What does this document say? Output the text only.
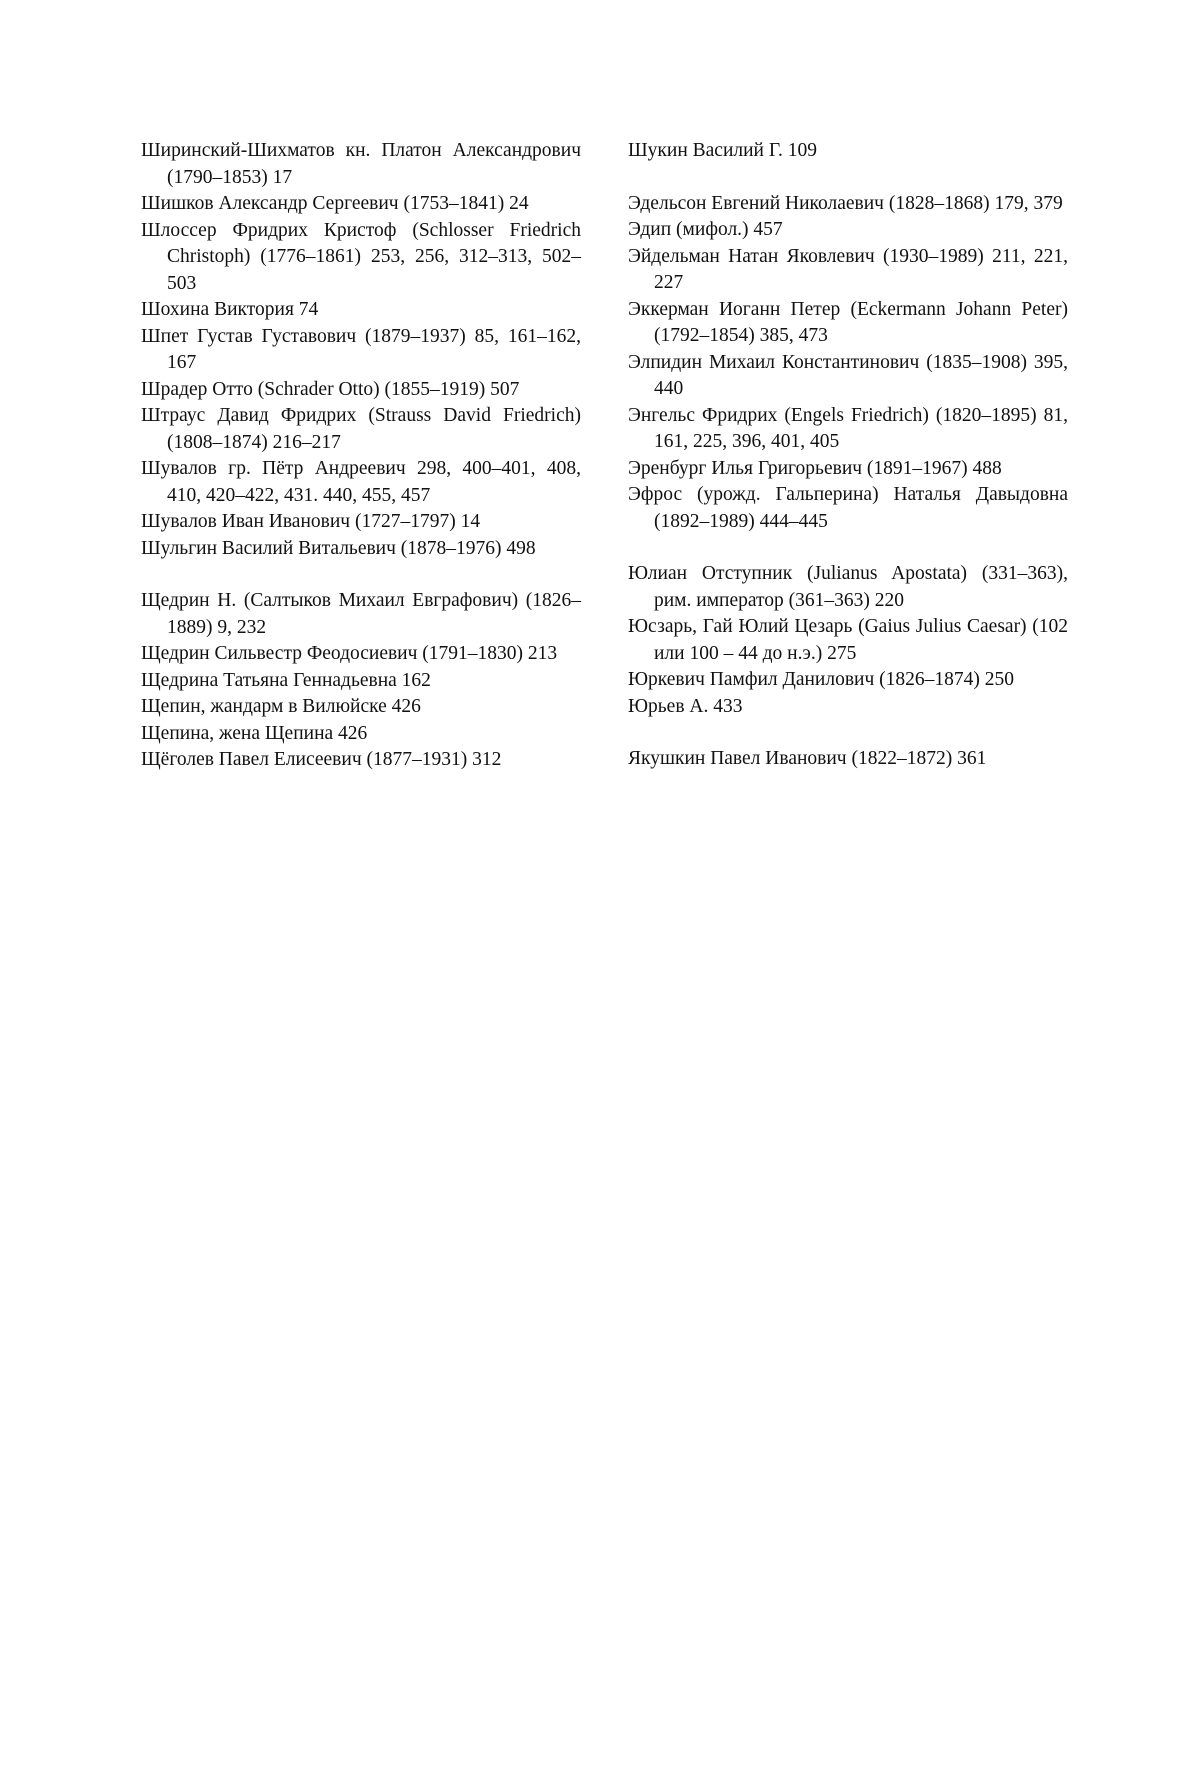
Ширинский-Шихматов кн. Платон Александрович (1790–1853) 17

Шишков Александр Сергеевич (1753–1841) 24

Шлоссер Фридрих Кристоф (Schlosser Friedrich Christoph) (1776–1861) 253, 256, 312–313, 502–503

Шохина Виктория 74

Шпет Густав Густавович (1879–1937) 85, 161–162, 167

Шрадер Отто (Schrader Otto) (1855–1919) 507

Штраус Давид Фридрих (Strauss David Friedrich) (1808–1874) 216–217

Шувалов гр. Пётр Андреевич 298, 400–401, 408, 410, 420–422, 431. 440, 455, 457

Шувалов Иван Иванович (1727–1797) 14

Шульгин Василий Витальевич (1878–1976) 498

Щедрин Н. (Салтыков Михаил Евграфович) (1826–1889) 9, 232

Щедрин Сильвестр Феодосиевич (1791–1830) 213

Щедрина Татьяна Геннадьевна 162

Щепин, жандарм в Вилюйске 426

Щепина, жена Щепина 426

Щёголев Павел Елисеевич (1877–1931) 312

Шукин Василий Г. 109

Эдельсон Евгений Николаевич (1828–1868) 179, 379

Эдип (мифол.) 457

Эйдельман Натан Яковлевич (1930–1989) 211, 221, 227

Эккерман Иоганн Петер (Eckermann Johann Peter) (1792–1854) 385, 473

Элпидин Михаил Константинович (1835–1908) 395, 440

Энгельс Фридрих (Engels Friedrich) (1820–1895) 81, 161, 225, 396, 401, 405

Эренбург Илья Григорьевич (1891–1967) 488

Эфрос (урожд. Гальперина) Наталья Давыдовна (1892–1989) 444–445

Юлиан Отступник (Julianus Apostata) (331–363), рим. император (361–363) 220

Юсзарь, Гай Юлий Цезарь (Gaius Julius Caesar) (102 или 100 – 44 до н.э.) 275

Юркевич Памфил Данилович (1826–1874) 250

Юрьев А. 433

Якушкин Павел Иванович (1822–1872) 361
